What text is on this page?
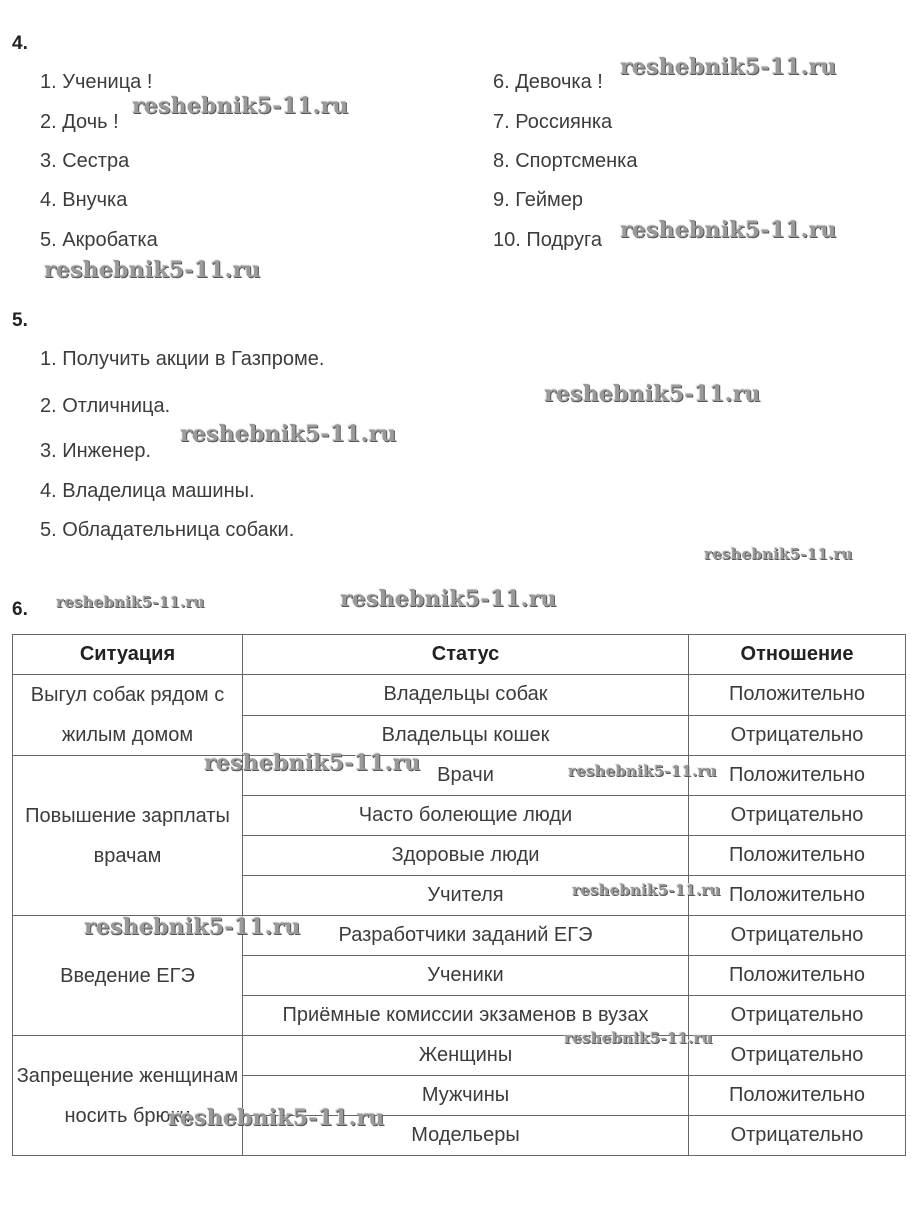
4.
1. Ученица !
2. Дочь !
3. Сестра
4. Внучка
5. Акробатка
6. Девочка !
7. Россиянка
8. Спортсменка
9. Геймер
10. Подруга
5.
1. Получить акции в Газпроме.
2. Отличница.
3. Инженер.
4. Владелица машины.
5. Обладательница собаки.
6.
Ситуация	Статус	Отношение
Выгул собак рядом с жилым домом	Владельцы собак	Положительно
	Владельцы кошек	Отрицательно
Повышение зарплаты врачам	Врачи	Положительно
	Часто болеющие люди	Отрицательно
	Здоровые люди	Положительно
	Учителя	Положительно
Введение ЕГЭ	Разработчики заданий ЕГЭ	Отрицательно
	Ученики	Положительно
	Приёмные комиссии экзаменов в вузах	Отрицательно
Запрещение женщинам носить брюки	Женщины	Отрицательно
	Мужчины	Положительно
	Модельеры	Отрицательно
reshebnik5-11.ru
reshebnik5-11.ru
reshebnik5-11.ru
reshebnik5-11.ru
reshebnik5-11.ru
reshebnik5-11.ru
reshebnik5-11.ru
reshebnik5-11.ru	reshebnik5-11.ru
reshebnik5-11.ru	reshebnik5-11.ru
reshebnik5-11.ru
reshebnik5-11.ru
reshebnik5-11.ru
reshebnik5-11.ru
